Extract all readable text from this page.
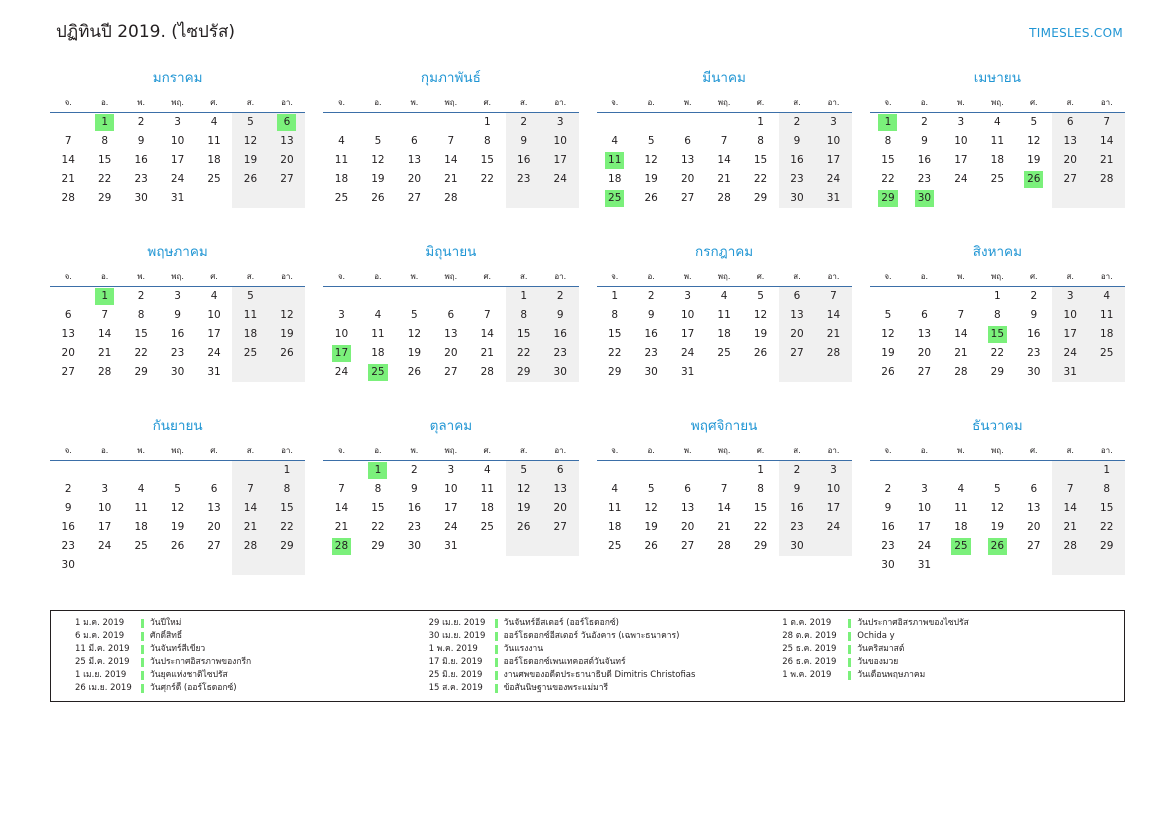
ปฏิทินปี 2019. (ไซปรัส)	TIMESLES.COM
มกราคม
จ.	อ.	พ.	พฤ.	ศ.	ส.	อา.
	1	2	3	4	5	6
7	8	9	10	11	12	13
14	15	16	17	18	19	20
21	22	23	24	25	26	27
28	29	30	31			
กุมภาพันธ์
จ.	อ.	พ.	พฤ.	ศ.	ส.	อา.
				1	2	3
4	5	6	7	8	9	10
11	12	13	14	15	16	17
18	19	20	21	22	23	24
25	26	27	28			
มีนาคม
จ.	อ.	พ.	พฤ.	ศ.	ส.	อา.
				1	2	3
4	5	6	7	8	9	10
11	12	13	14	15	16	17
18	19	20	21	22	23	24
25	26	27	28	29	30	31
เมษายน
จ.	อ.	พ.	พฤ.	ศ.	ส.	อา.
1	2	3	4	5	6	7
8	9	10	11	12	13	14
15	16	17	18	19	20	21
22	23	24	25	26	27	28
29	30					
พฤษภาคม
จ.	อ.	พ.	พฤ.	ศ.	ส.	อา.
	1	2	3	4	5	
6	7	8	9	10	11	12
13	14	15	16	17	18	19
20	21	22	23	24	25	26
27	28	29	30	31		
มิถุนายน
จ.	อ.	พ.	พฤ.	ศ.	ส.	อา.
					1	2
3	4	5	6	7	8	9
10	11	12	13	14	15	16
17	18	19	20	21	22	23
24	25	26	27	28	29	30
กรกฎาคม
จ.	อ.	พ.	พฤ.	ศ.	ส.	อา.
1	2	3	4	5	6	7
8	9	10	11	12	13	14
15	16	17	18	19	20	21
22	23	24	25	26	27	28
29	30	31				
สิงหาคม
จ.	อ.	พ.	พฤ.	ศ.	ส.	อา.
			1	2	3	4
5	6	7	8	9	10	11
12	13	14	15	16	17	18
19	20	21	22	23	24	25
26	27	28	29	30	31	
กันยายน
จ.	อ.	พ.	พฤ.	ศ.	ส.	อา.
						1
2	3	4	5	6	7	8
9	10	11	12	13	14	15
16	17	18	19	20	21	22
23	24	25	26	27	28	29
30						
ตุลาคม
จ.	อ.	พ.	พฤ.	ศ.	ส.	อา.
	1	2	3	4	5	6
7	8	9	10	11	12	13
14	15	16	17	18	19	20
21	22	23	24	25	26	27
28	29	30	31			
พฤศจิกายน
จ.	อ.	พ.	พฤ.	ศ.	ส.	อา.
				1	2	3
4	5	6	7	8	9	10
11	12	13	14	15	16	17
18	19	20	21	22	23	24
25	26	27	28	29	30	
ธันวาคม
จ.	อ.	พ.	พฤ.	ศ.	ส.	อา.
						1
2	3	4	5	6	7	8
9	10	11	12	13	14	15
16	17	18	19	20	21	22
23	24	25	26	27	28	29
30	31					
1 ม.ค. 2019	วันปีใหม่
6 ม.ค. 2019	ศักดิ์สิทธิ์
11 มี.ค. 2019	วันจันทร์สีเขียว
25 มี.ค. 2019	วันประกาศอิสรภาพของกรีก
1 เม.ย. 2019	วันยุคแห่งชาติไซปรัส
26 เม.ย. 2019	วันศุกร์ดีี (ออร์โธดอกซ์)
29 เม.ย. 2019	วันจันทร์อีสเตอร์ (ออร์โธดอกซ์)
30 เม.ย. 2019	ออร์โธดอกซ์อีสเตอร์ วันอังคาร (เฉพาะธนาคาร)
1 พ.ค. 2019	วันแรงงาน
17 มิ.ย. 2019	ออร์โธดอกซ์เพนเทคอสต์วันจันทร์
25 มิ.ย. 2019	งานศพของอดีตประธานาธิบดี Dimitris Christofias
15 ส.ค. 2019	ข้อสันนิษฐานของพระแม่มารี
1 ต.ค. 2019	วันประกาศอิสรภาพของไซปรัส
28 ต.ค. 2019	Ochida y
25 ธ.ค. 2019	วันคริสมาสต์
26 ธ.ค. 2019	วันของมวย
1 พ.ค. 2019	วันเดือนพฤษภาคม
